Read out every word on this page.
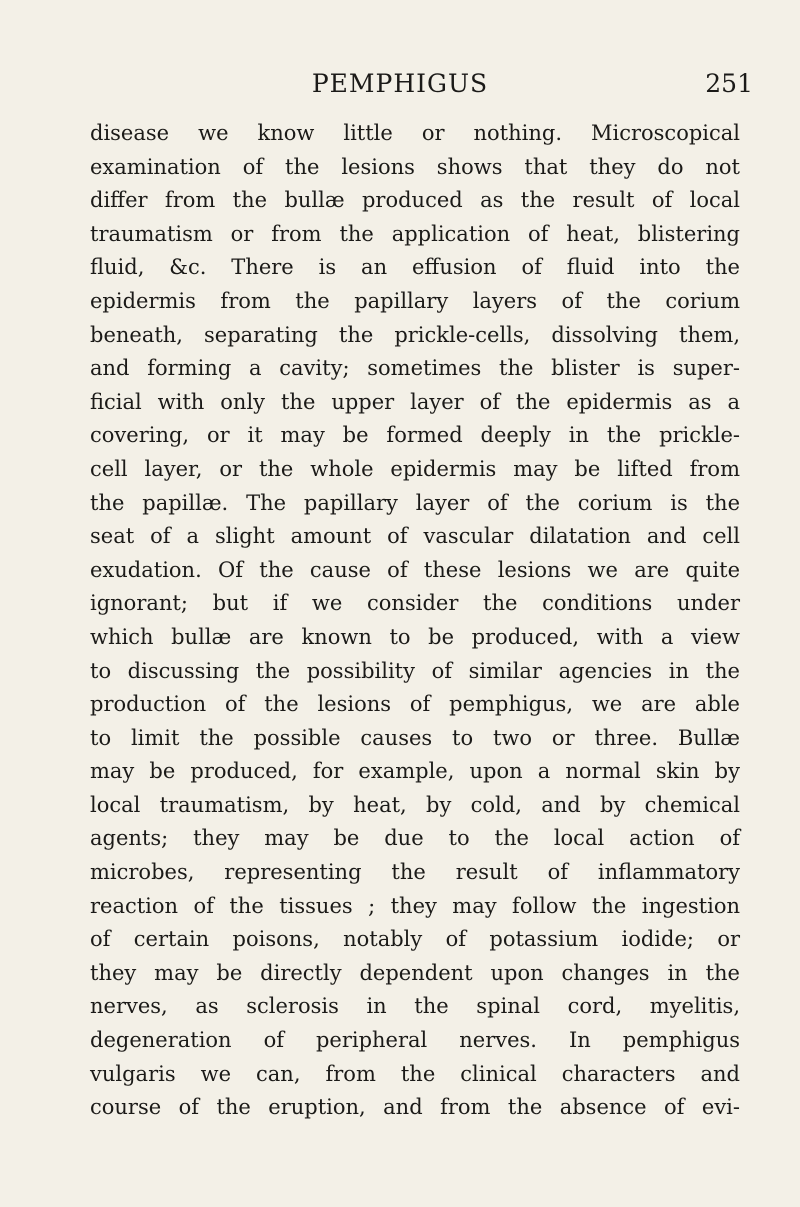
PEMPHIGUS	251
disease we know little or nothing. Microscopical
examination of the lesions shows that they do not
differ from the bullæ produced as the result of local
traumatism or from the application of heat, blistering
fluid, &c. There is an effusion of fluid into the
epidermis from the papillary layers of the corium
beneath, separating the prickle-cells, dissolving them,
and forming a cavity; sometimes the blister is super-
ficial with only the upper layer of the epidermis as a
covering, or it may be formed deeply in the prickle-
cell layer, or the whole epidermis may be lifted from
the papillæ. The papillary layer of the corium is the
seat of a slight amount of vascular dilatation and cell
exudation. Of the cause of these lesions we are quite
ignorant; but if we consider the conditions under
which bullæ are known to be produced, with a view
to discussing the possibility of similar agencies in the
production of the lesions of pemphigus, we are able
to limit the possible causes to two or three. Bullæ
may be produced, for example, upon a normal skin by
local traumatism, by heat, by cold, and by chemical
agents; they may be due to the local action of
microbes, representing the result of inflammatory
reaction of the tissues ; they may follow the ingestion
of certain poisons, notably of potassium iodide; or
they may be directly dependent upon changes in the
nerves, as sclerosis in the spinal cord, myelitis,
degeneration of peripheral nerves. In pemphigus
vulgaris we can, from the clinical characters and
course of the eruption, and from the absence of evi-
